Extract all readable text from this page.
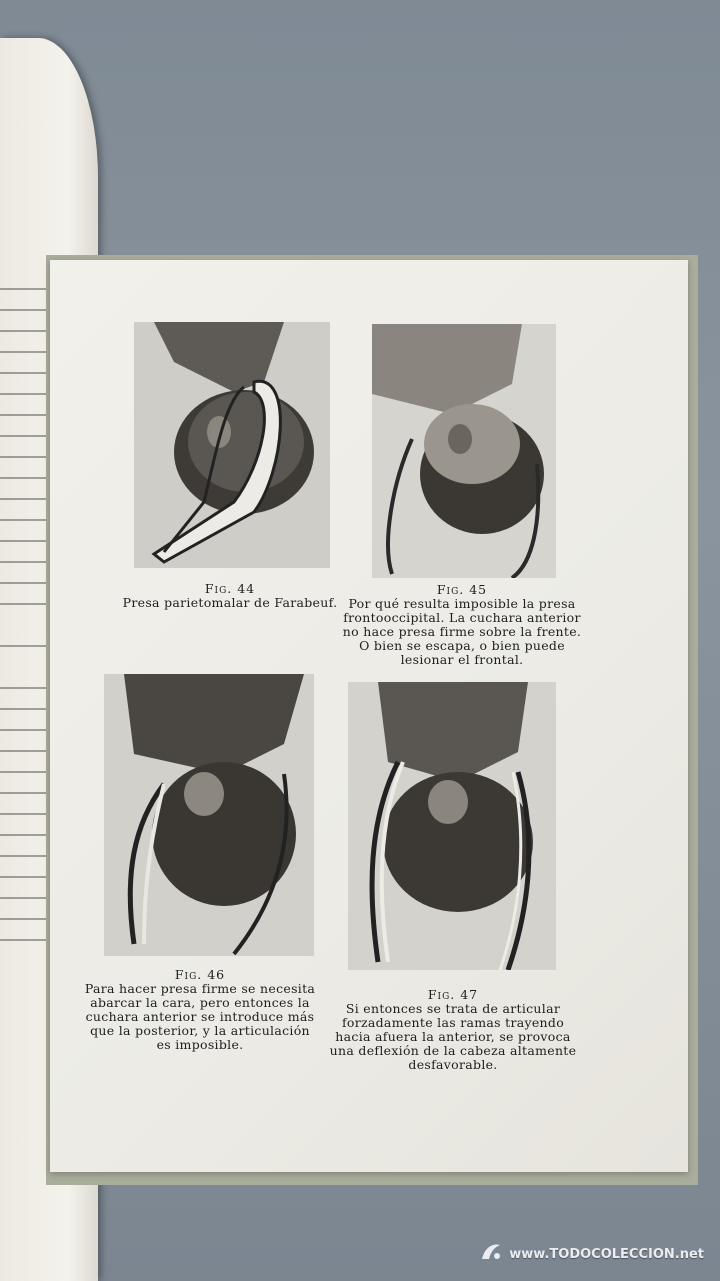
Fig. 44
Presa parietomalar de Farabeuf.
Fig. 45
Por qué resulta imposible la presa
frontooccipital. La cuchara anterior
no hace presa firme sobre la frente.
O bien se escapa, o bien puede
lesionar el frontal.
Fig. 46
Para hacer presa firme se necesita
abarcar la cara, pero entonces la
cuchara anterior se introduce más
que la posterior, y la articulación
es imposible.
Fig. 47
Si entonces se trata de articular
forzadamente las ramas trayendo
hacia afuera la anterior, se provoca
una deflexión de la cabeza altamente
desfavorable.
www.TODOCOLECCION.net
